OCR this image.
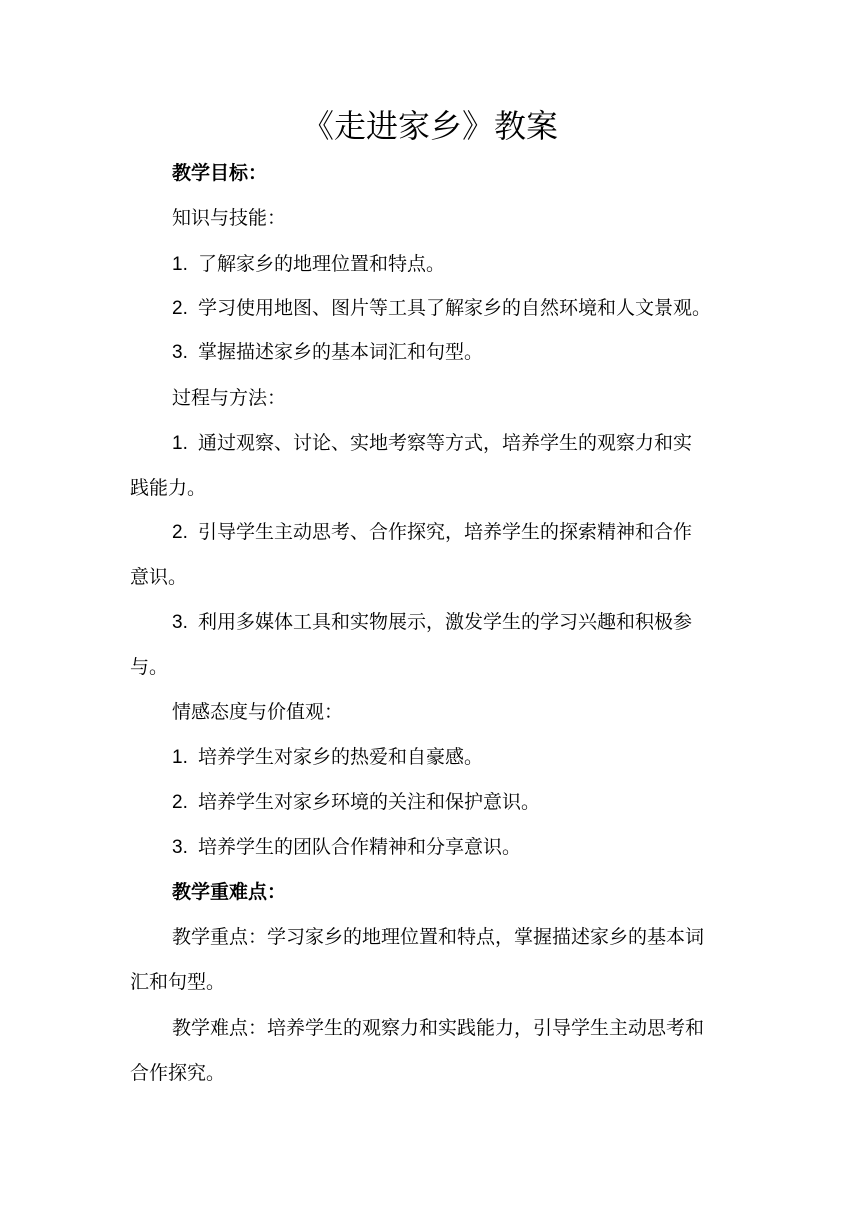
《走进家乡》教案
教学目标：
知识与技能：
1. 了解家乡的地理位置和特点。
2. 学习使用地图、图片等工具了解家乡的自然环境和人文景观。
3. 掌握描述家乡的基本词汇和句型。
过程与方法：
1. 通过观察、讨论、实地考察等方式，培养学生的观察力和实
践能力。
2. 引导学生主动思考、合作探究，培养学生的探索精神和合作
意识。
3. 利用多媒体工具和实物展示，激发学生的学习兴趣和积极参
与。
情感态度与价值观：
1. 培养学生对家乡的热爱和自豪感。
2. 培养学生对家乡环境的关注和保护意识。
3. 培养学生的团队合作精神和分享意识。
教学重难点：
教学重点：学习家乡的地理位置和特点，掌握描述家乡的基本词
汇和句型。
教学难点：培养学生的观察力和实践能力，引导学生主动思考和
合作探究。
